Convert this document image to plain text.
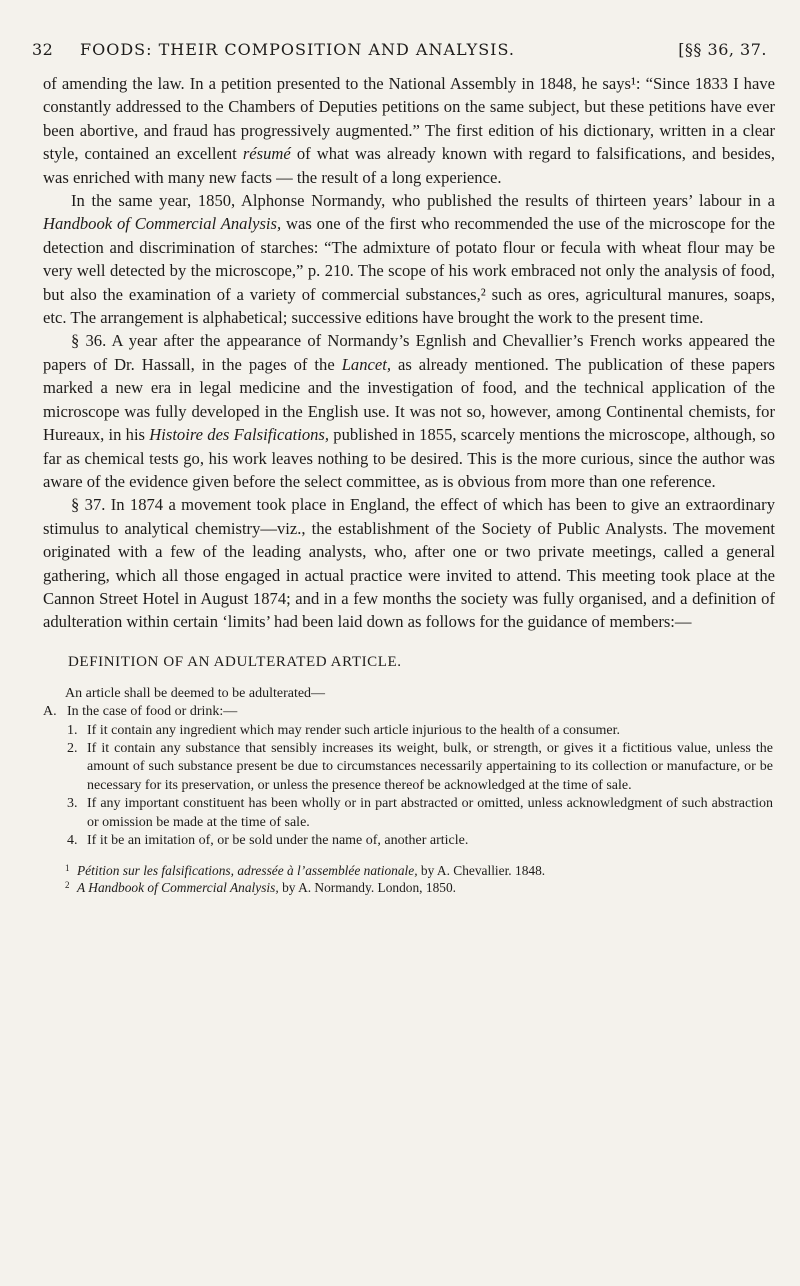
32 FOODS: THEIR COMPOSITION AND ANALYSIS.	[§§ 36, 37.

of amending the law. In a petition presented to the National Assembly in 1848, he says¹: “Since 1833 I have constantly addressed to the Chambers of Deputies petitions on the same subject, but these petitions have ever been abortive, and fraud has progressively augmented.” The first edition of his dictionary, written in a clear style, contained an excellent résumé of what was already known with regard to falsifications, and besides, was enriched with many new facts — the result of a long experience.

In the same year, 1850, Alphonse Normandy, who published the results of thirteen years’ labour in a Handbook of Commercial Analysis, was one of the first who recommended the use of the microscope for the detection and discrimination of starches: “The admixture of potato flour or fecula with wheat flour may be very well detected by the microscope,” p. 210. The scope of his work embraced not only the analysis of food, but also the examination of a variety of commercial substances,² such as ores, agricultural manures, soaps, etc. The arrangement is alphabetical; successive editions have brought the work to the present time.

§ 36. A year after the appearance of Normandy’s Egnlish and Chevallier’s French works appeared the papers of Dr. Hassall, in the pages of the Lancet, as already mentioned. The publication of these papers marked a new era in legal medicine and the investigation of food, and the technical application of the microscope was fully developed in the English use. It was not so, however, among Continental chemists, for Hureaux, in his Histoire des Falsifications, published in 1855, scarcely mentions the microscope, although, so far as chemical tests go, his work leaves nothing to be desired. This is the more curious, since the author was aware of the evidence given before the select committee, as is obvious from more than one reference.

§ 37. In 1874 a movement took place in England, the effect of which has been to give an extraordinary stimulus to analytical chemistry—viz., the establishment of the Society of Public Analysts. The movement originated with a few of the leading analysts, who, after one or two private meetings, called a general gathering, which all those engaged in actual practice were invited to attend. This meeting took place at the Cannon Street Hotel in August 1874; and in a few months the society was fully organised, and a definition of adulteration within certain ‘limits’ had been laid down as follows for the guidance of members:—

DEFINITION OF AN ADULTERATED ARTICLE.
An article shall be deemed to be adulterated—
A. In the case of food or drink:—
1. If it contain any ingredient which may render such article injurious to the health of a consumer.
2. If it contain any substance that sensibly increases its weight, bulk, or strength, or gives it a fictitious value, unless the amount of such substance present be due to circumstances necessarily appertaining to its collection or manufacture, or be necessary for its preservation, or unless the presence thereof be acknowledged at the time of sale.
3. If any important constituent has been wholly or in part abstracted or omitted, unless acknowledgment of such abstraction or omission be made at the time of sale.
4. If it be an imitation of, or be sold under the name of, another article.
1 Pétition sur les falsifications, adressée à l’assemblée nationale, by A. Chevallier. 1848.
2 A Handbook of Commercial Analysis, by A. Normandy. London, 1850.
